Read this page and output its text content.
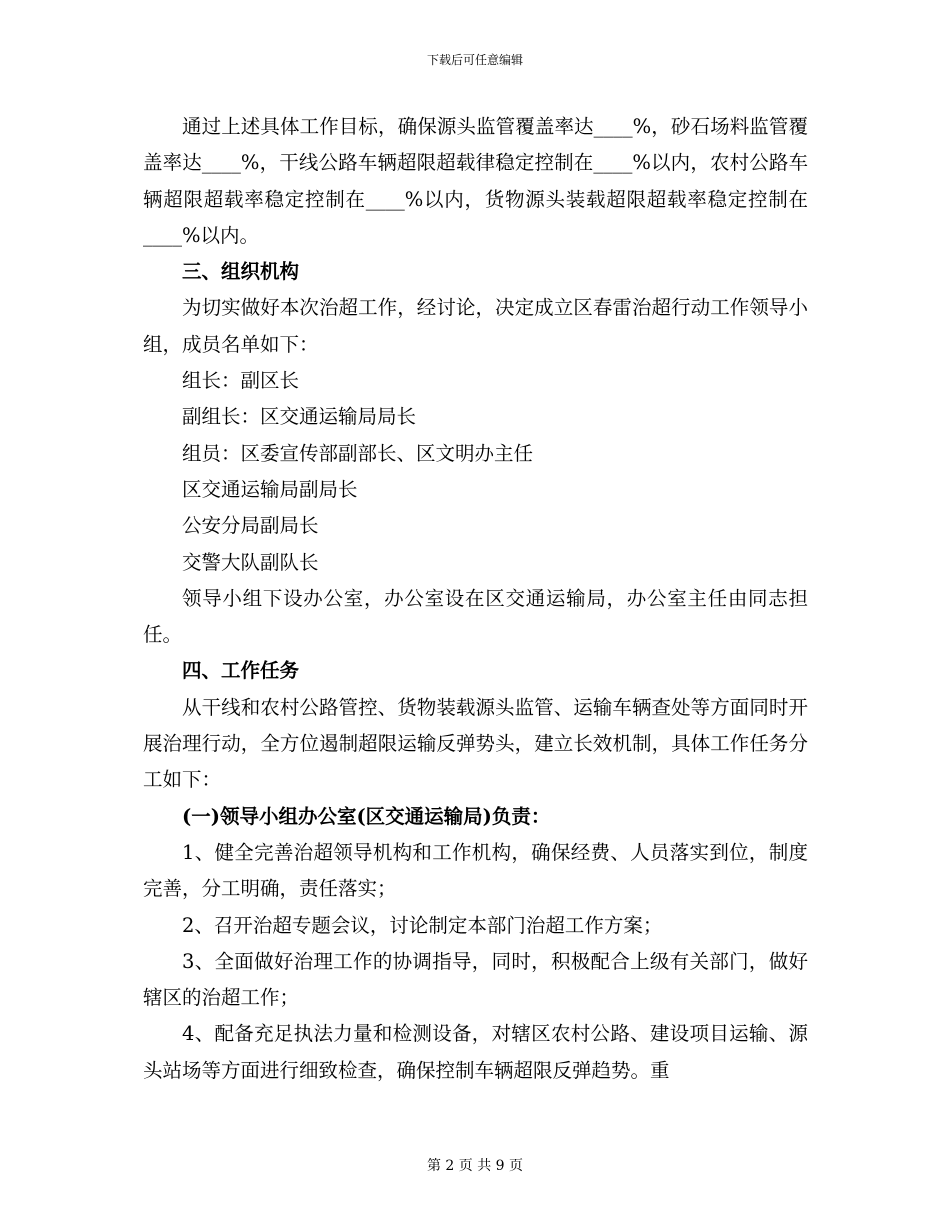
下载后可任意编辑

通过上述具体工作目标，确保源头监管覆盖率达____%，砂石场料监管覆盖率达____%，干线公路车辆超限超载律稳定控制在____%以内，农村公路车辆超限超载率稳定控制在____%以内，货物源头装载超限超载率稳定控制在____%以内。

三、组织机构

为切实做好本次治超工作，经讨论，决定成立区春雷治超行动工作领导小组，成员名单如下：

组长：副区长

副组长：区交通运输局局长

组员：区委宣传部副部长、区文明办主任

区交通运输局副局长

公安分局副局长

交警大队副队长

领导小组下设办公室，办公室设在区交通运输局，办公室主任由同志担任。

四、工作任务

从干线和农村公路管控、货物装载源头监管、运输车辆查处等方面同时开展治理行动，全方位遏制超限运输反弹势头，建立长效机制，具体工作任务分工如下：

(一)领导小组办公室(区交通运输局)负责：

1、健全完善治超领导机构和工作机构，确保经费、人员落实到位，制度完善，分工明确，责任落实；

2、召开治超专题会议，讨论制定本部门治超工作方案；

3、全面做好治理工作的协调指导，同时，积极配合上级有关部门，做好辖区的治超工作；

4、配备充足执法力量和检测设备，对辖区农村公路、建设项目运输、源头站场等方面进行细致检查，确保控制车辆超限反弹趋势。重

第 2 页 共 9 页
